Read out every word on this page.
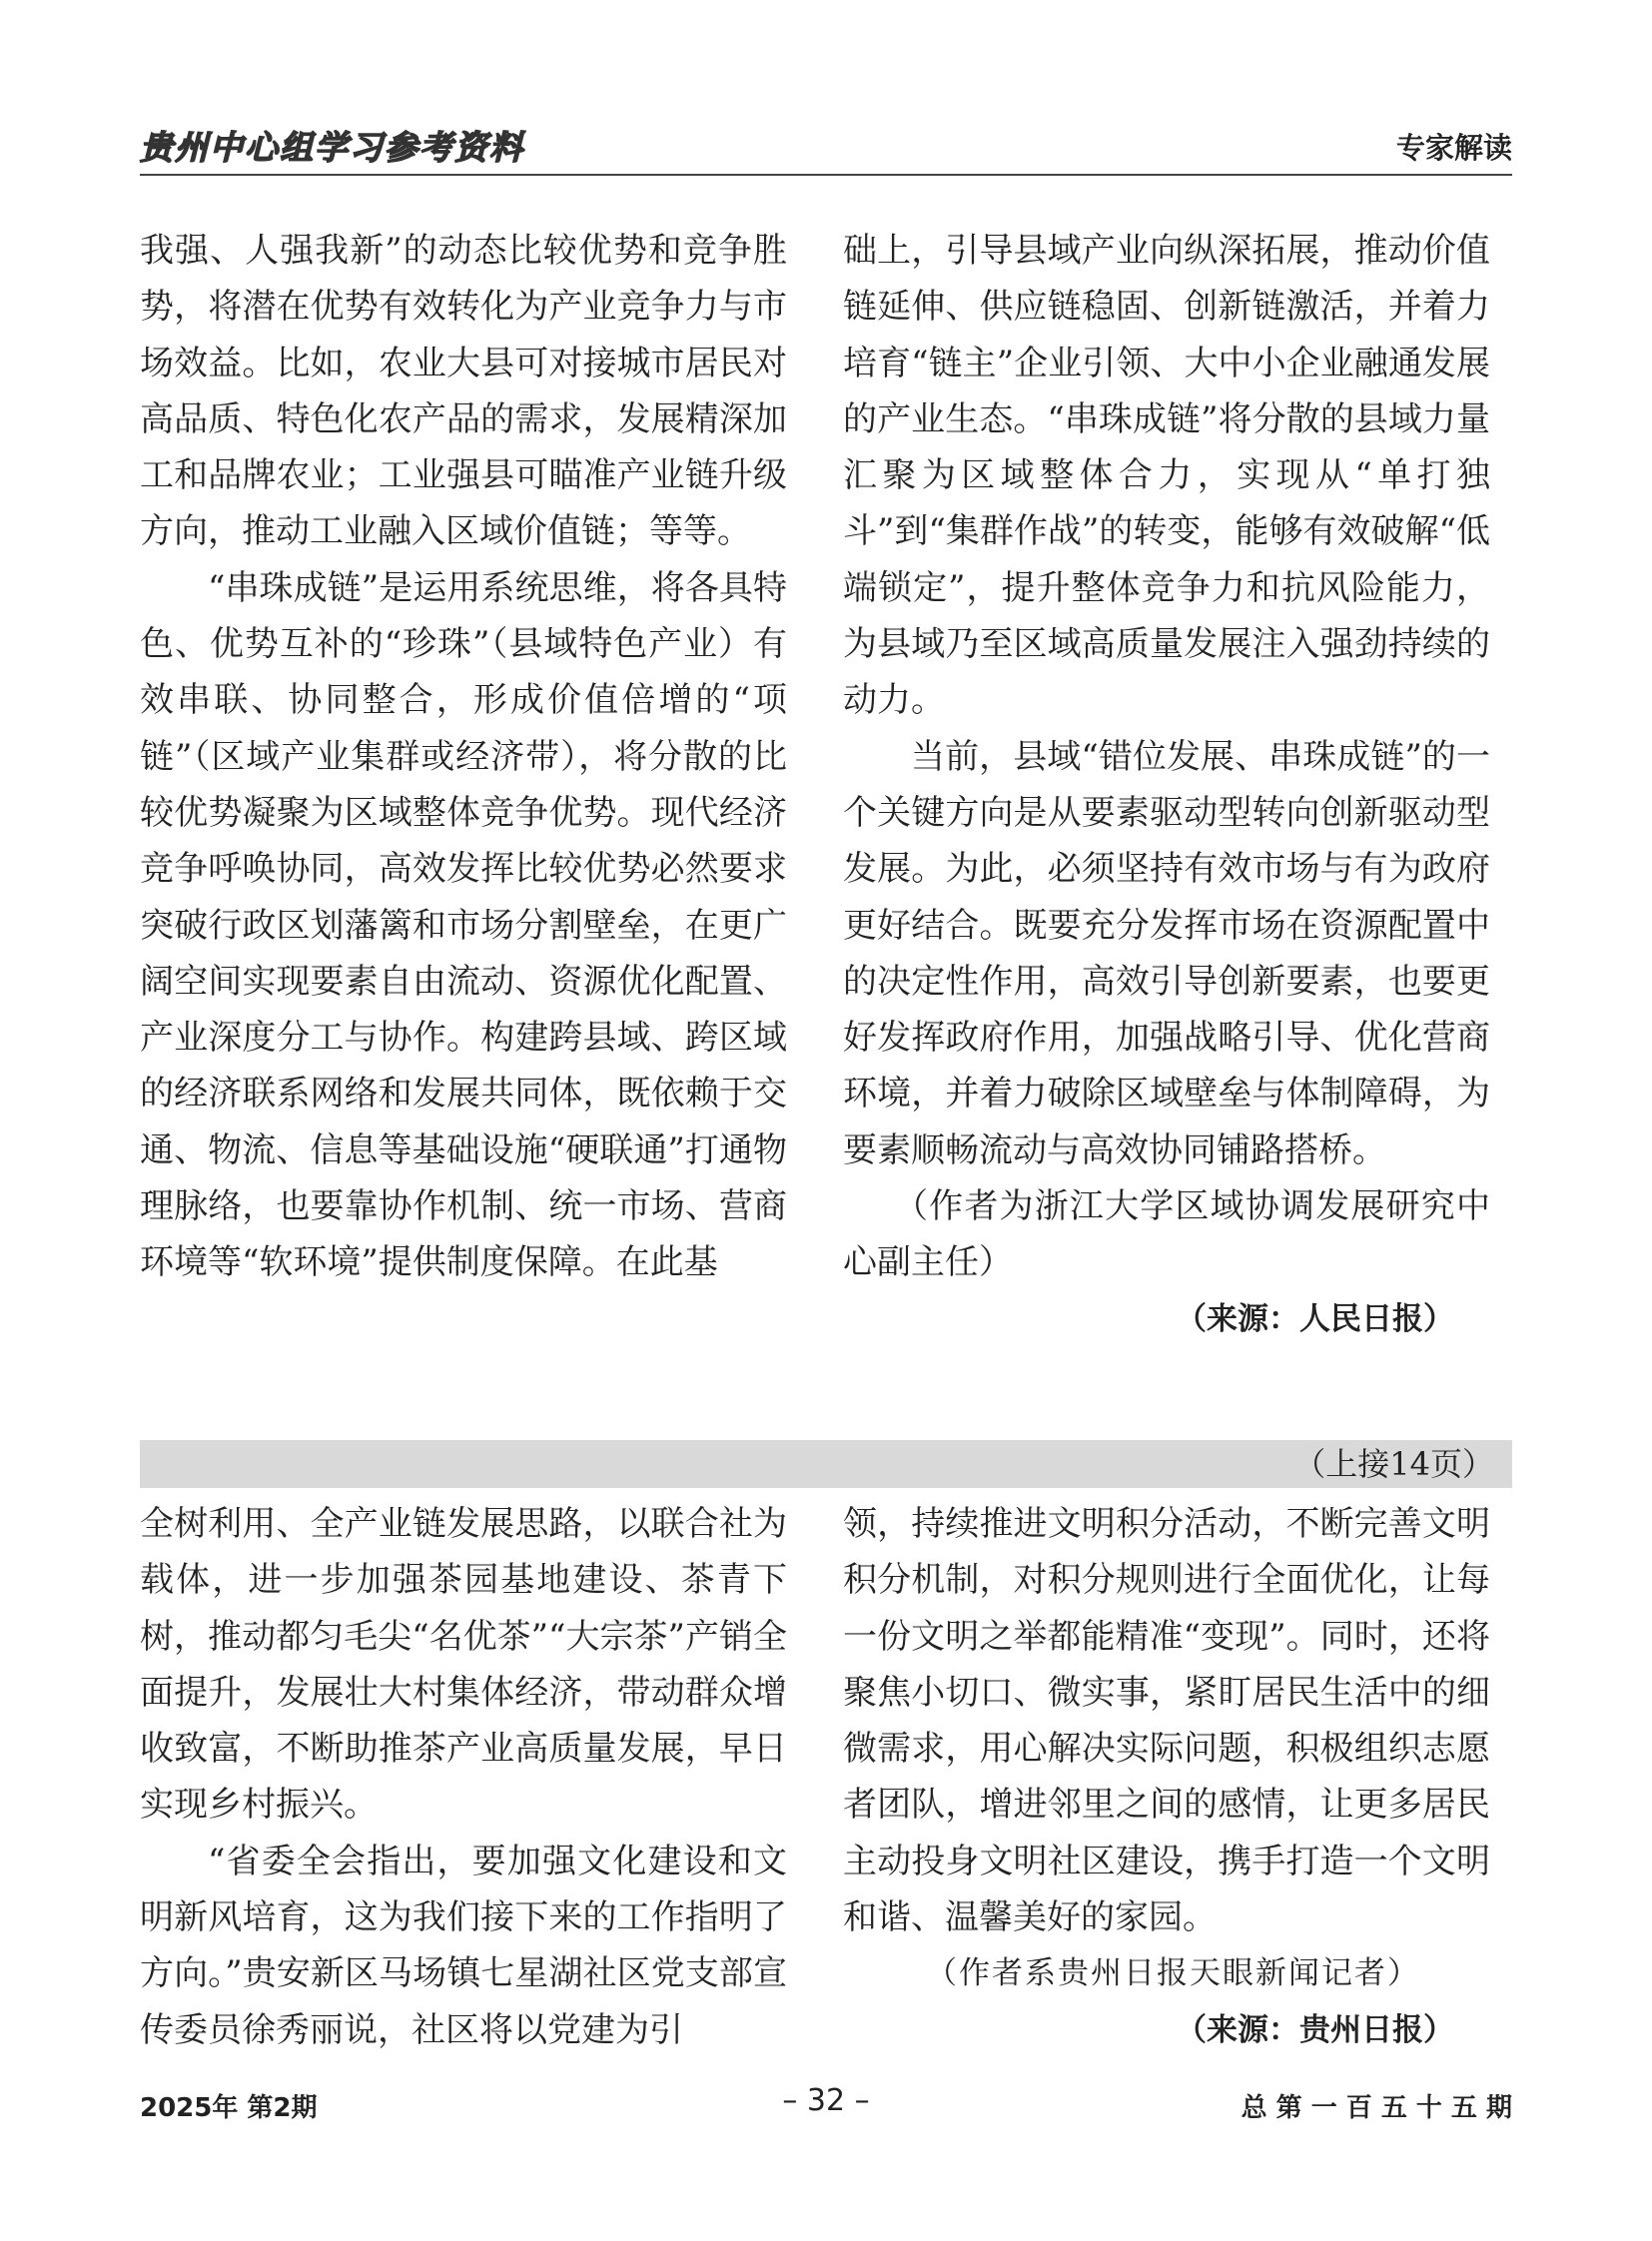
贵州中心组学习参考资料	专家解读

我强、人强我新”的动态比较优势和竞争胜势，将潜在优势有效转化为产业竞争力与市场效益。比如，农业大县可对接城市居民对高品质、特色化农产品的需求，发展精深加工和品牌农业；工业强县可瞄准产业链升级方向，推动工业融入区域价值链；等等。

“串珠成链”是运用系统思维，将各具特色、优势互补的“珍珠”（县域特色产业）有效串联、协同整合，形成价值倍增的“项链”（区域产业集群或经济带），将分散的比较优势凝聚为区域整体竞争优势。现代经济竞争呼唤协同，高效发挥比较优势必然要求突破行政区划藩篱和市场分割壁垒，在更广阔空间实现要素自由流动、资源优化配置、产业深度分工与协作。构建跨县域、跨区域的经济联系网络和发展共同体，既依赖于交通、物流、信息等基础设施“硬联通”打通物理脉络，也要靠协作机制、统一市场、营商环境等“软环境”提供制度保障。在此基

础上，引导县域产业向纵深拓展，推动价值链延伸、供应链稳固、创新链激活，并着力培育“链主”企业引领、大中小企业融通发展的产业生态。“串珠成链”将分散的县域力量汇聚为区域整体合力，实现从“单打独斗”到“集群作战”的转变，能够有效破解“低端锁定”，提升整体竞争力和抗风险能力，为县域乃至区域高质量发展注入强劲持续的动力。

当前，县域“错位发展、串珠成链”的一个关键方向是从要素驱动型转向创新驱动型发展。为此，必须坚持有效市场与有为政府更好结合。既要充分发挥市场在资源配置中的决定性作用，高效引导创新要素，也要更好发挥政府作用，加强战略引导、优化营商环境，并着力破除区域壁垒与体制障碍，为要素顺畅流动与高效协同铺路搭桥。

（作者为浙江大学区域协调发展研究中心副主任）

（来源：人民日报）

（上接14页）

全树利用、全产业链发展思路，以联合社为载体，进一步加强茶园基地建设、茶青下树，推动都匀毛尖“名优茶”“大宗茶”产销全面提升，发展壮大村集体经济，带动群众增收致富，不断助推茶产业高质量发展，早日实现乡村振兴。

“省委全会指出，要加强文化建设和文明新风培育，这为我们接下来的工作指明了方向。”贵安新区马场镇七星湖社区党支部宣传委员徐秀丽说，社区将以党建为引

领，持续推进文明积分活动，不断完善文明积分机制，对积分规则进行全面优化，让每一份文明之举都能精准“变现”。同时，还将聚焦小切口、微实事，紧盯居民生活中的细微需求，用心解决实际问题，积极组织志愿者团队，增进邻里之间的感情，让更多居民主动投身文明社区建设，携手打造一个文明和谐、温馨美好的家园。

（作者系贵州日报天眼新闻记者）

（来源：贵州日报）

2025年 第2期	– 32 –	总 第 一 百 五 十 五 期
